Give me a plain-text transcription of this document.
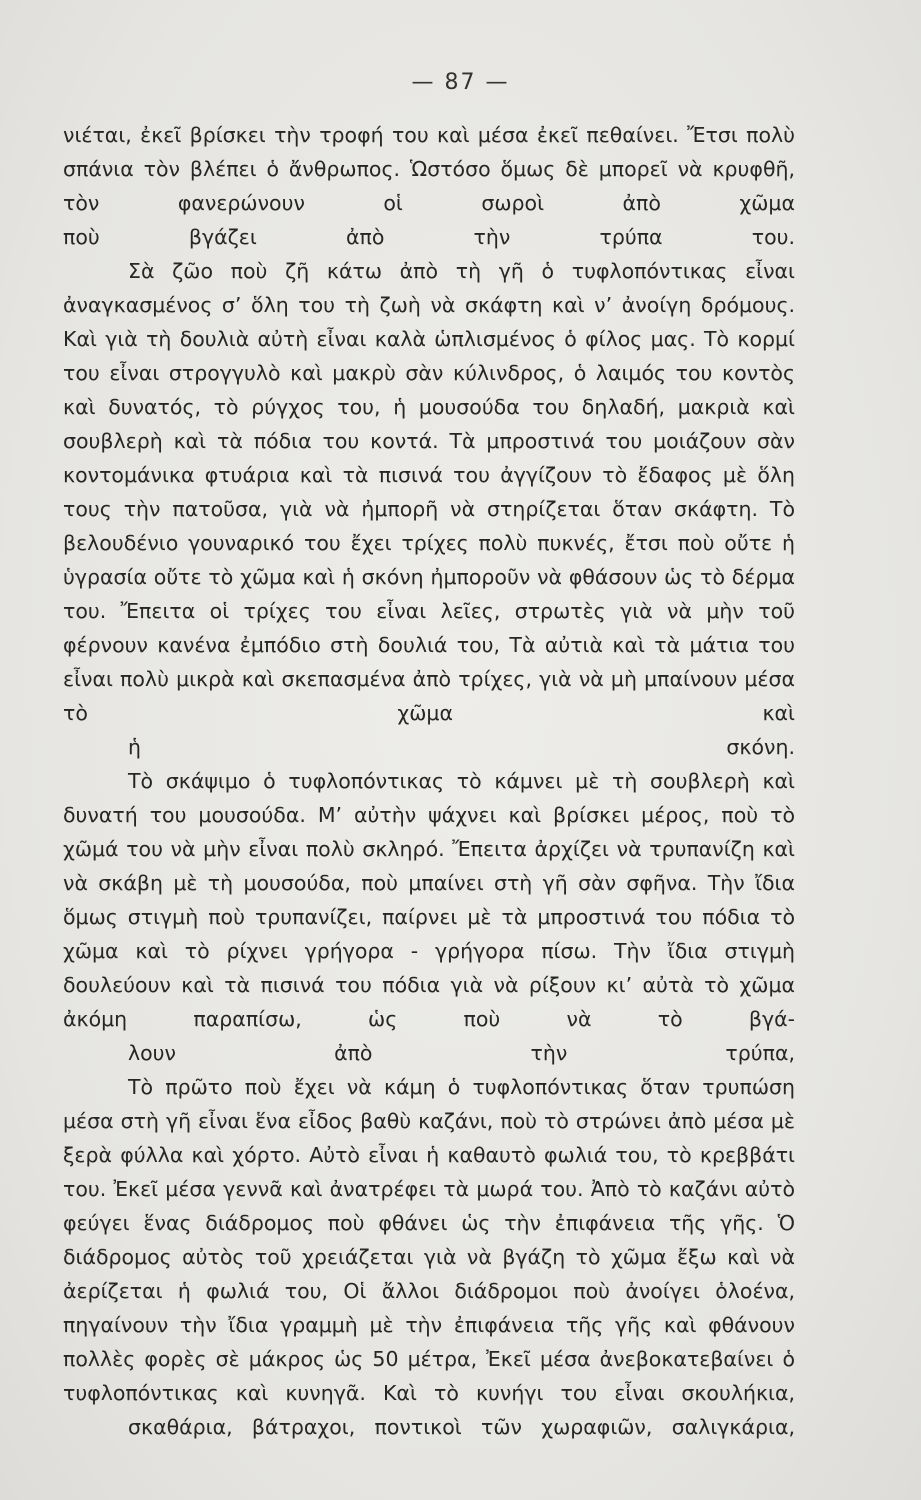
— 87 —

νιέται, ἐκεῖ βρίσκει τὴν τροφή του καὶ μέσα ἐκεῖ πεθαίνει. Ἔτσι πολὺ σπάνια τὸν βλέπει ὁ ἄνθρωπος. Ὡστόσο ὅμως δὲ μπορεῖ νὰ κρυφθῆ, τὸν φανερώνουν οἱ σωροὶ ἀπὸ χῶμα
ποὺ βγάζει ἀπὸ τὴν τρύπα του.

Σὰ ζῶο ποὺ ζῆ κάτω ἀπὸ τὴ γῆ ὁ τυφλοπόντικας εἶναι ἀναγκασμένος σ’ ὅλη του τὴ ζωὴ νὰ σκάφτη καὶ ν’ ἀνοίγη δρόμους. Καὶ γιὰ τὴ δουλιὰ αὐτὴ εἶναι καλὰ ὡπλισμένος ὁ φίλος μας. Τὸ κορμί του εἶναι στρογγυλὸ καὶ μακρὺ σὰν κύλινδρος, ὁ λαιμός του κοντὸς καὶ δυνατός, τὸ ρύγχος του, ἡ μουσούδα του δηλαδή, μακριὰ καὶ σουβλερὴ καὶ τὰ πόδια του κοντά. Τὰ μπροστινά του μοιάζουν σὰν κοντομάνικα φτυάρια καὶ τὰ πισινά του ἀγγίζουν τὸ ἔδαφος μὲ ὅλη τους τὴν πατοῦσα, γιὰ νὰ ἠμπορῆ νὰ στηρίζεται ὅταν σκάφτη. Τὸ βελουδένιο γουναρικό του ἔχει τρίχες πολὺ πυκνές, ἔτσι ποὺ οὔτε ἡ ὑγρασία οὔτε τὸ χῶμα καὶ ἡ σκόνη ἠμποροῦν νὰ φθάσουν ὡς τὸ δέρμα του. Ἔπειτα οἱ τρίχες του εἶναι λεῖες, στρωτὲς γιὰ νὰ μὴν τοῦ φέρνουν κανένα ἐμπόδιο στὴ δουλιά του, Τὰ αὐτιὰ καὶ τὰ μάτια του εἶναι πολὺ μικρὰ καὶ σκεπασμένα ἀπὸ τρίχες, γιὰ νὰ μὴ μπαίνουν μέσα τὸ χῶμα καὶ
ἡ σκόνη.

Τὸ σκάψιμο ὁ τυφλοπόντικας τὸ κάμνει μὲ τὴ σουβλερὴ καὶ δυνατή του μουσούδα. Μ’ αὐτὴν ψάχνει καὶ βρίσκει μέρος, ποὺ τὸ χῶμά του νὰ μὴν εἶναι πολὺ σκληρό. Ἔπειτα ἀρχίζει νὰ τρυπανίζη καὶ νὰ σκάβη μὲ τὴ μουσούδα, ποὺ μπαίνει στὴ γῆ σὰν σφῆνα. Τὴν ἴδια ὅμως στιγμὴ ποὺ τρυπανίζει, παίρνει μὲ τὰ μπροστινά του πόδια τὸ χῶμα καὶ τὸ ρίχνει γρήγορα - γρήγορα πίσω. Τὴν ἴδια στιγμὴ δουλεύουν καὶ τὰ πισινά του πόδια γιὰ νὰ ρίξουν κι’ αὐτὰ τὸ χῶμα ἀκόμη παραπίσω, ὡς ποὺ νὰ τὸ βγά-
λουν ἀπὸ τὴν τρύπα,

Τὸ πρῶτο ποὺ ἔχει νὰ κάμη ὁ τυφλοπόντικας ὅταν τρυπώση μέσα στὴ γῆ εἶναι ἕνα εἶδος βαθὺ καζάνι, ποὺ τὸ στρώνει ἀπὸ μέσα μὲ ξερὰ φύλλα καὶ χόρτο. Αὐτὸ εἶναι ἡ καθαυτὸ φωλιά του, τὸ κρεββάτι του. Ἐκεῖ μέσα γεννᾶ καὶ ἀνατρέφει τὰ μωρά του. Ἀπὸ τὸ καζάνι αὐτὸ φεύγει ἕνας διάδρομος ποὺ φθάνει ὡς τὴν ἐπιφάνεια τῆς γῆς. Ὁ διάδρομος αὐτὸς τοῦ χρειάζεται γιὰ νὰ βγάζη τὸ χῶμα ἔξω καὶ νὰ ἀερίζεται ἡ φωλιά του, Οἱ ἄλλοι διάδρομοι ποὺ ἀνοίγει ὁλοένα, πηγαίνουν τὴν ἴδια γραμμὴ μὲ τὴν ἐπιφάνεια τῆς γῆς καὶ φθάνουν πολλὲς φορὲς σὲ μάκρος ὡς 50 μέτρα, Ἐκεῖ μέσα ἀνεβοκατεβαίνει ὁ τυφλοπόντικας καὶ κυνηγᾶ. Καὶ τὸ κυνήγι του εἶναι σκουλήκια,
σκαθάρια, βάτραχοι, ποντικοὶ τῶν χωραφιῶν, σαλιγκάρια,
